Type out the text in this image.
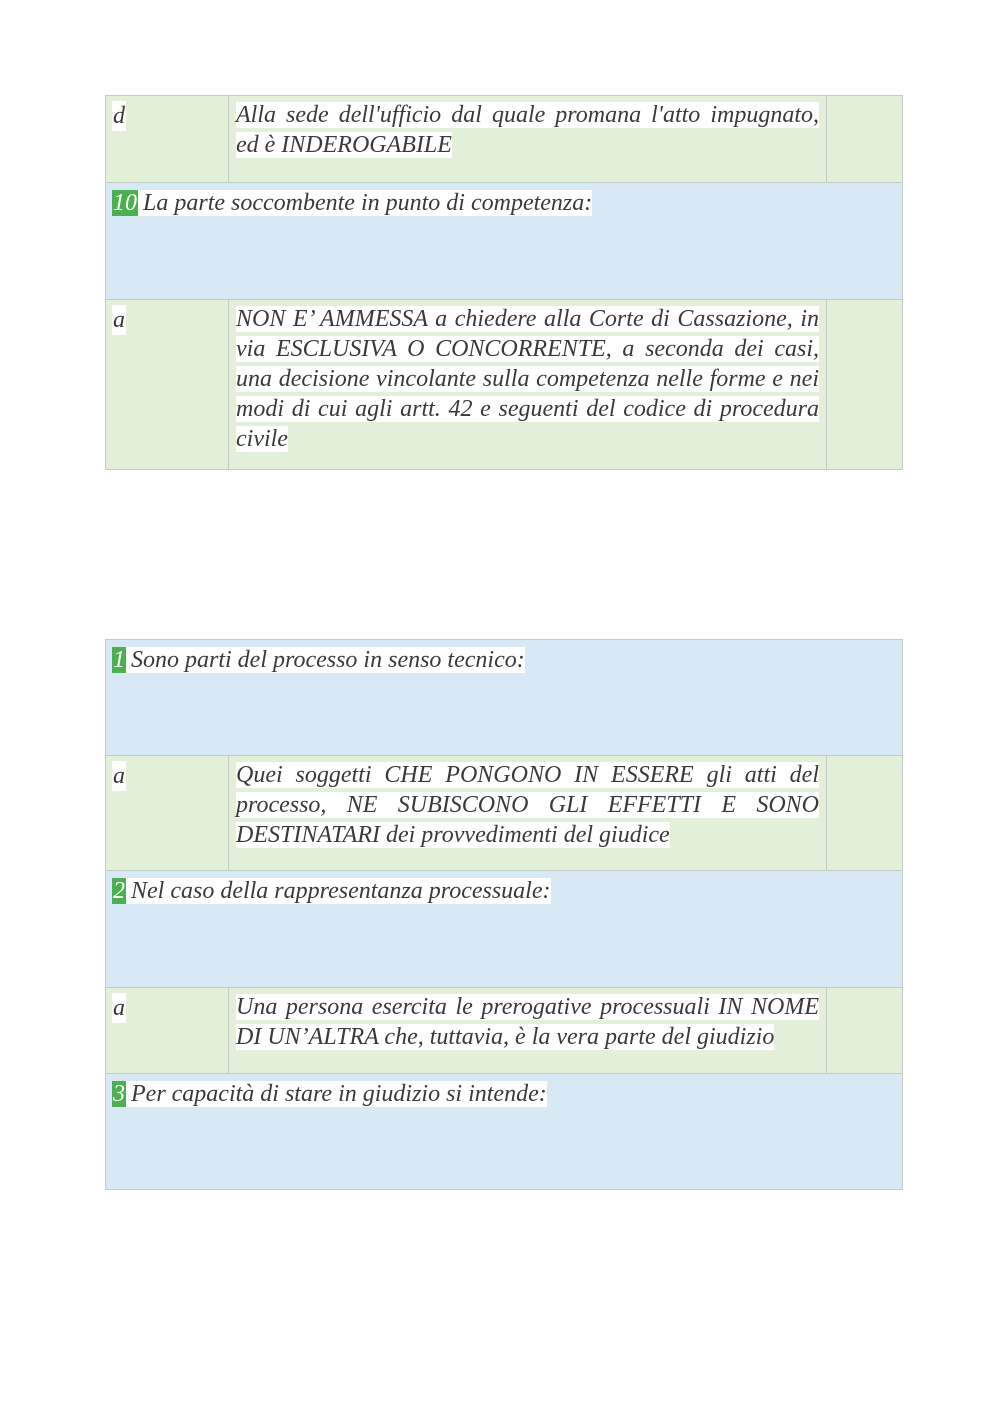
d	Alla sede dell'ufficio dal quale promana l'atto impugnato, ed è INDEROGABILE

10 La parte soccombente in punto di competenza:
a	NON E’ AMMESSA a chiedere alla Corte di Cassazione, in via ESCLUSIVA O CONCORRENTE, a seconda dei casi, una decisione vincolante sulla competenza nelle forme e nei modi di cui agli artt. 42 e seguenti del codice di procedura civile

1 Sono parti del processo in senso tecnico:
a	Quei soggetti CHE PONGONO IN ESSERE gli atti del processo, NE SUBISCONO GLI EFFETTI E SONO DESTINATARI dei provvedimenti del giudice

2 Nel caso della rappresentanza processuale:
a	Una persona esercita le prerogative processuali IN NOME DI UN’ALTRA che, tuttavia, è la vera parte del giudizio

3 Per capacità di stare in giudizio si intende:
